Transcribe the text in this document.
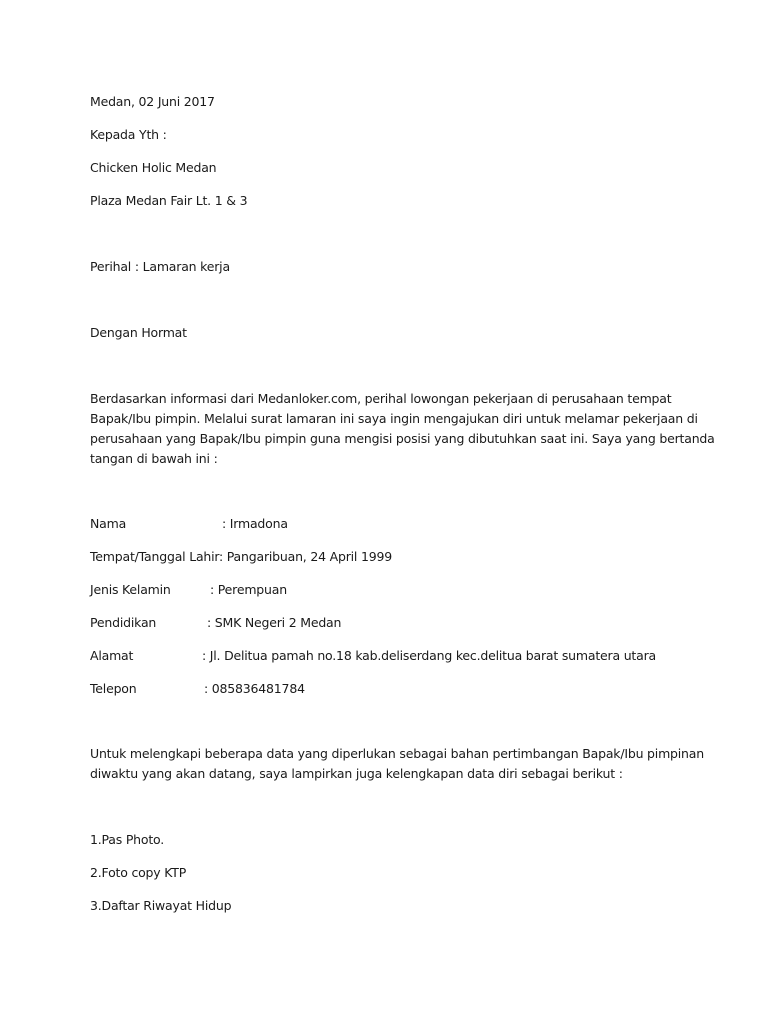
Medan, 02 Juni 2017
Kepada Yth :
Chicken Holic Medan
Plaza Medan Fair Lt. 1 & 3
Perihal : Lamaran kerja
Dengan Hormat
Berdasarkan informasi dari Medanloker.com, perihal lowongan pekerjaan di perusahaan tempat
Bapak/Ibu pimpin. Melalui surat lamaran ini saya ingin mengajukan diri untuk melamar pekerjaan di
perusahaan yang Bapak/Ibu pimpin guna mengisi posisi yang dibutuhkan saat ini. Saya yang bertanda
tangan di bawah ini :
Nama	: Irmadona
Tempat/Tanggal Lahir : Pangaribuan, 24 April 1999
Jenis Kelamin	: Perempuan
Pendidikan	: SMK Negeri 2 Medan
Alamat	: Jl. Delitua pamah no.18 kab.deliserdang kec.delitua barat sumatera utara
Telepon	: 085836481784
Untuk melengkapi beberapa data yang diperlukan sebagai bahan pertimbangan Bapak/Ibu pimpinan
diwaktu yang akan datang, saya lampirkan juga kelengkapan data diri sebagai berikut :
1.Pas Photo.
2.Foto copy KTP
3.Daftar Riwayat Hidup
